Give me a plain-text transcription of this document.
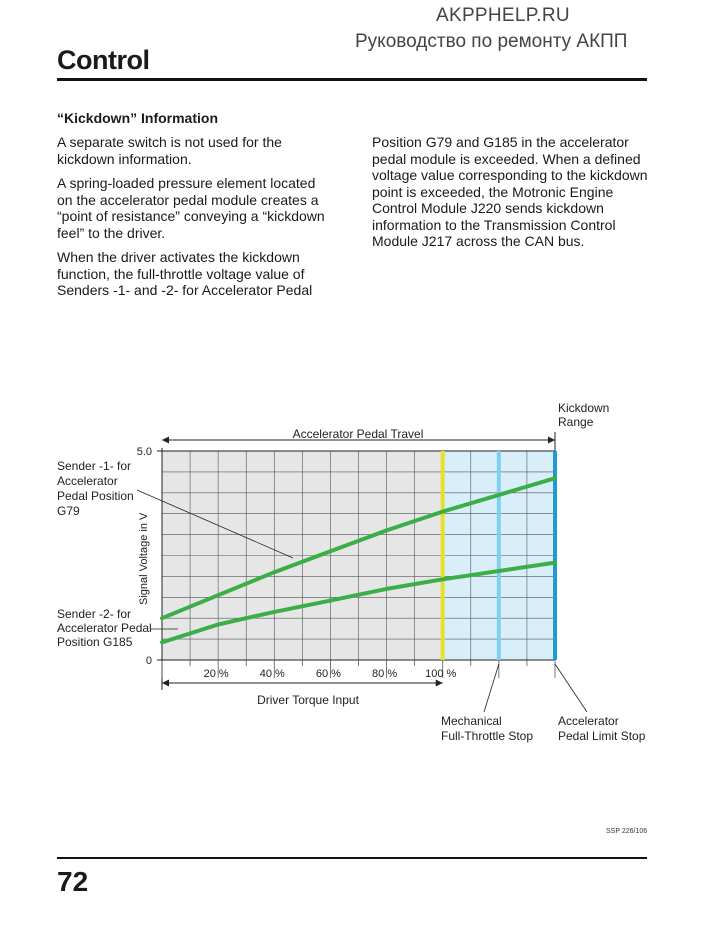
AKPPHELP.RU
Руководство по ремонту АКПП
Control
“Kickdown” Information

A separate switch is not used for the kickdown information.

A spring-loaded pressure element located on the accelerator pedal module creates a “point of resistance” conveying a “kickdown feel” to the driver.

When the driver activates the kickdown function, the full-throttle voltage value of Senders -1- and -2- for Accelerator Pedal

Position G79 and G185 in the accelerator pedal module is exceeded. When a defined voltage value corresponding to the kickdown point is exceeded, the Motronic Engine Control Module J220 sends kickdown information to the Transmission Control Module J217 across the CAN bus.

Accelerator Pedal Travel
Driver Torque Input
Signal Voltage in V
5.0
0
20 %	40 %	60 %	80 %	100 %
Kickdown
Range
Sender -1- for
Accelerator
Pedal Position
G79
Sender -2- for
Accelerator Pedal
Position G185
Mechanical
Full-Throttle Stop
Accelerator
Pedal Limit Stop
SSP 226/106
72
